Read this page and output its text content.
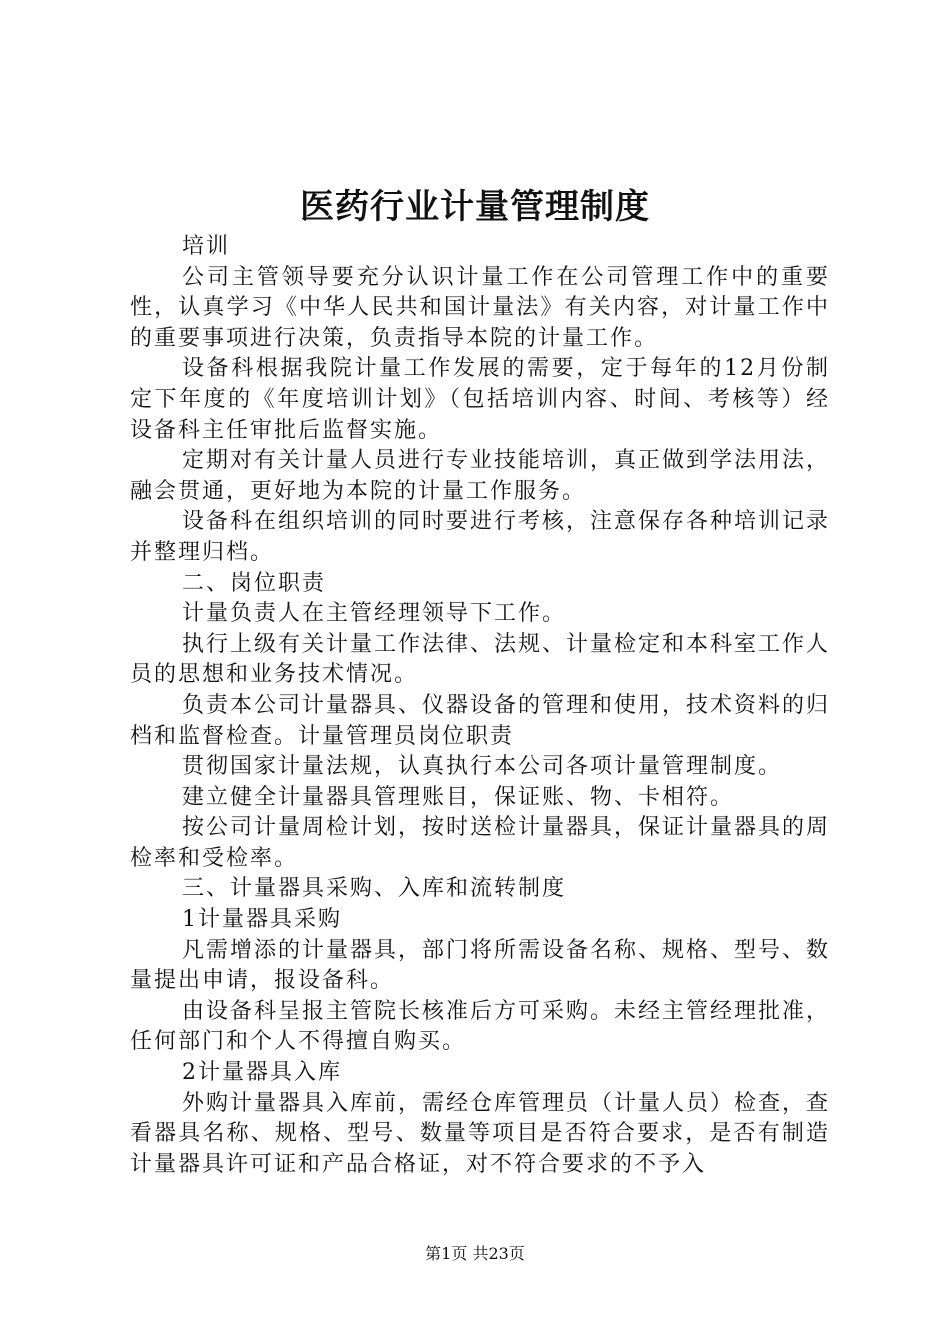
医药行业计量管理制度

培训

公司主管领导要充分认识计量工作在公司管理工作中的重要性，认真学习《中华人民共和国计量法》有关内容，对计量工作中的重要事项进行决策，负责指导本院的计量工作。

设备科根据我院计量工作发展的需要，定于每年的12月份制定下年度的《年度培训计划》（包括培训内容、时间、考核等）经设备科主任审批后监督实施。

定期对有关计量人员进行专业技能培训，真正做到学法用法，融会贯通，更好地为本院的计量工作服务。

设备科在组织培训的同时要进行考核，注意保存各种培训记录并整理归档。

二、岗位职责

计量负责人在主管经理领导下工作。

执行上级有关计量工作法律、法规、计量检定和本科室工作人员的思想和业务技术情况。

负责本公司计量器具、仪器设备的管理和使用，技术资料的归档和监督检查。计量管理员岗位职责

贯彻国家计量法规，认真执行本公司各项计量管理制度。

建立健全计量器具管理账目，保证账、物、卡相符。

按公司计量周检计划，按时送检计量器具，保证计量器具的周检率和受检率。

三、计量器具采购、入库和流转制度

1计量器具采购

凡需增添的计量器具，部门将所需设备名称、规格、型号、数量提出申请，报设备科。

由设备科呈报主管院长核准后方可采购。未经主管经理批准，任何部门和个人不得擅自购买。

2计量器具入库

外购计量器具入库前，需经仓库管理员（计量人员）检查，查看器具名称、规格、型号、数量等项目是否符合要求，是否有制造计量器具许可证和产品合格证，对不符合要求的不予入

第1页 共23页
